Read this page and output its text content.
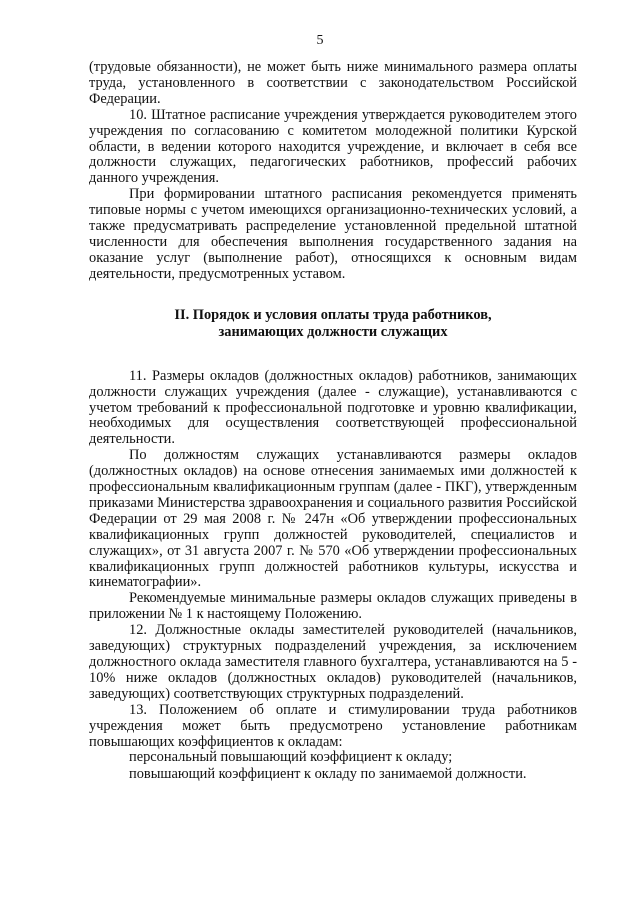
5

(трудовые обязанности), не может быть ниже минимального размера оплаты труда, установленного в соответствии с законодательством Российской Федерации.

10. Штатное расписание учреждения утверждается руководителем этого учреждения по согласованию с комитетом молодежной политики Курской области, в ведении которого находится учреждение, и включает в себя все должности служащих, педагогических работников, профессий рабочих данного учреждения.

При формировании штатного расписания рекомендуется применять типовые нормы с учетом имеющихся организационно-технических условий, а также предусматривать распределение установленной предельной штатной численности для обеспечения выполнения государственного задания на оказание услуг (выполнение работ), относящихся к основным видам деятельности, предусмотренных уставом.

II. Порядок и условия оплаты труда работников,
занимающих должности служащих

11. Размеры окладов (должностных окладов) работников, занимающих должности служащих учреждения (далее - служащие), устанавливаются с учетом требований к профессиональной подготовке и уровню квалификации, необходимых для осуществления соответствующей профессиональной деятельности.

По должностям служащих устанавливаются размеры окладов (должностных окладов) на основе отнесения занимаемых ими должностей к профессиональным квалификационным группам (далее - ПКГ), утвержденным приказами Министерства здравоохранения и социального развития Российской Федерации от 29 мая 2008 г. № 247н «Об утверждении профессиональных квалификационных групп должностей руководителей, специалистов и служащих», от 31 августа 2007 г. № 570 «Об утверждении профессиональных квалификационных групп должностей работников культуры, искусства и кинематографии».

Рекомендуемые минимальные размеры окладов служащих приведены в приложении № 1 к настоящему Положению.

12. Должностные оклады заместителей руководителей (начальников, заведующих) структурных подразделений учреждения, за исключением должностного оклада заместителя главного бухгалтера, устанавливаются на 5 - 10% ниже окладов (должностных окладов) руководителей (начальников, заведующих) соответствующих структурных подразделений.

13. Положением об оплате и стимулировании труда работников учреждения может быть предусмотрено установление работникам повышающих коэффициентов к окладам:

персональный повышающий коэффициент к окладу;

повышающий коэффициент к окладу по занимаемой должности.
